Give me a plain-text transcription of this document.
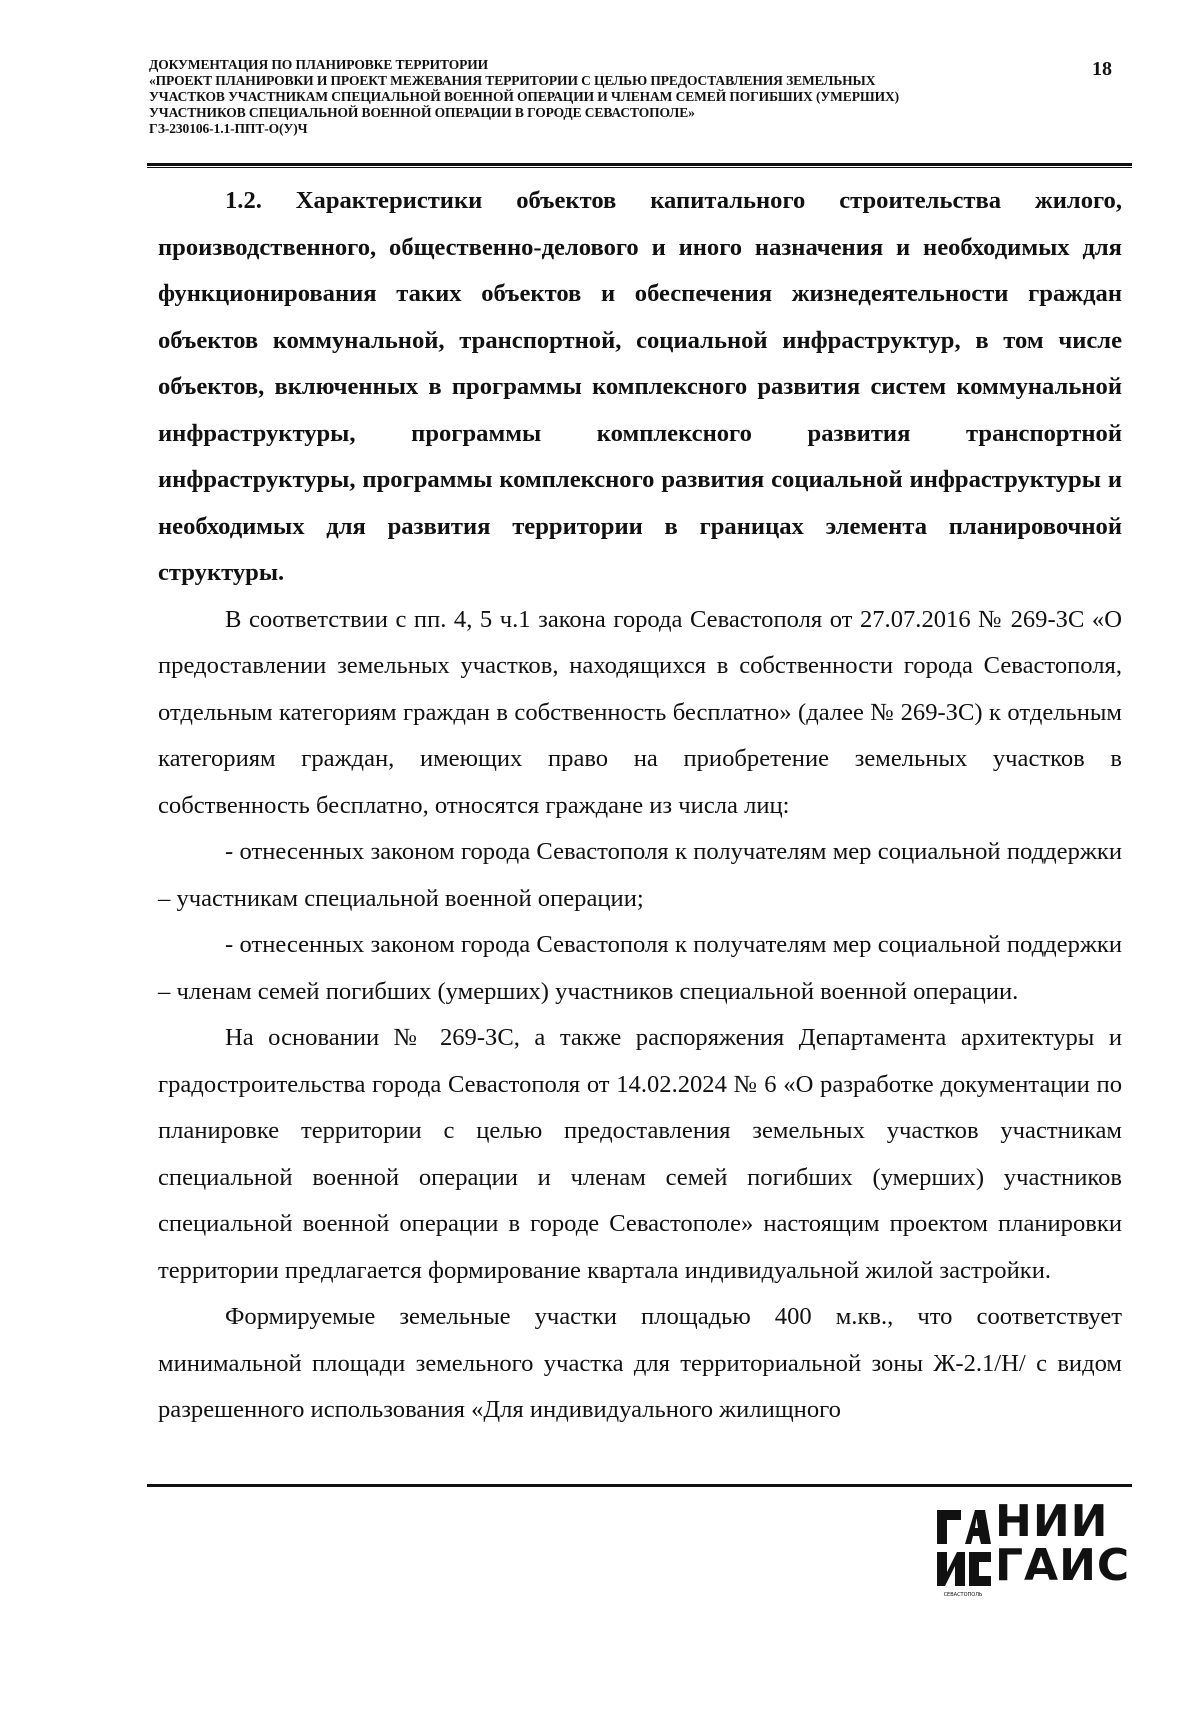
ДОКУМЕНТАЦИЯ ПО ПЛАНИРОВКЕ ТЕРРИТОРИИ
«ПРОЕКТ ПЛАНИРОВКИ И ПРОЕКТ МЕЖЕВАНИЯ ТЕРРИТОРИИ С ЦЕЛЬЮ ПРЕДОСТАВЛЕНИЯ ЗЕМЕЛЬНЫХ
УЧАСТКОВ УЧАСТНИКАМ СПЕЦИАЛЬНОЙ ВОЕННОЙ ОПЕРАЦИИ И ЧЛЕНАМ СЕМЕЙ ПОГИБШИХ (УМЕРШИХ)
УЧАСТНИКОВ СПЕЦИАЛЬНОЙ ВОЕННОЙ ОПЕРАЦИИ В ГОРОДЕ СЕВАСТОПОЛЕ»
ГЗ-230106-1.1-ППТ-О(У)Ч
18

1.2. Характеристики объектов капитального строительства жилого, производственного, общественно-делового и иного назначения и необходимых для функционирования таких объектов и обеспечения жизнедеятельности граждан объектов коммунальной, транспортной, социальной инфраструктур, в том числе объектов, включенных в программы комплексного развития систем коммунальной инфраструктуры, программы комплексного развития транспортной инфраструктуры, программы комплексного развития социальной инфраструктуры и необходимых для развития территории в границах элемента планировочной структуры.

В соответствии с пп. 4, 5 ч.1 закона города Севастополя от 27.07.2016 № 269-ЗС «О предоставлении земельных участков, находящихся в собственности города Севастополя, отдельным категориям граждан в собственность бесплатно» (далее № 269-ЗС) к отдельным категориям граждан, имеющих право на приобретение земельных участков в собственность бесплатно, относятся граждане из числа лиц:

- отнесенных законом города Севастополя к получателям мер социальной поддержки – участникам специальной военной операции;

- отнесенных законом города Севастополя к получателям мер социальной поддержки – членам семей погибших (умерших) участников специальной военной операции.

На основании № 269-ЗС, а также распоряжения Департамента архитектуры и градостроительства города Севастополя от 14.02.2024 № 6 «О разработке документации по планировке территории с целью предоставления земельных участков участникам специальной военной операции и членам семей погибших (умерших) участников специальной военной операции в городе Севастополе» настоящим проектом планировки территории предлагается формирование квартала индивидуальной жилой застройки.

Формируемые земельные участки площадью 400 м.кв., что соответствует минимальной площади земельного участка для территориальной зоны Ж-2.1/Н/ с видом разрешенного использования «Для индивидуального жилищного

НИИ
ГАИС
СЕВАСТОПОЛЬ
